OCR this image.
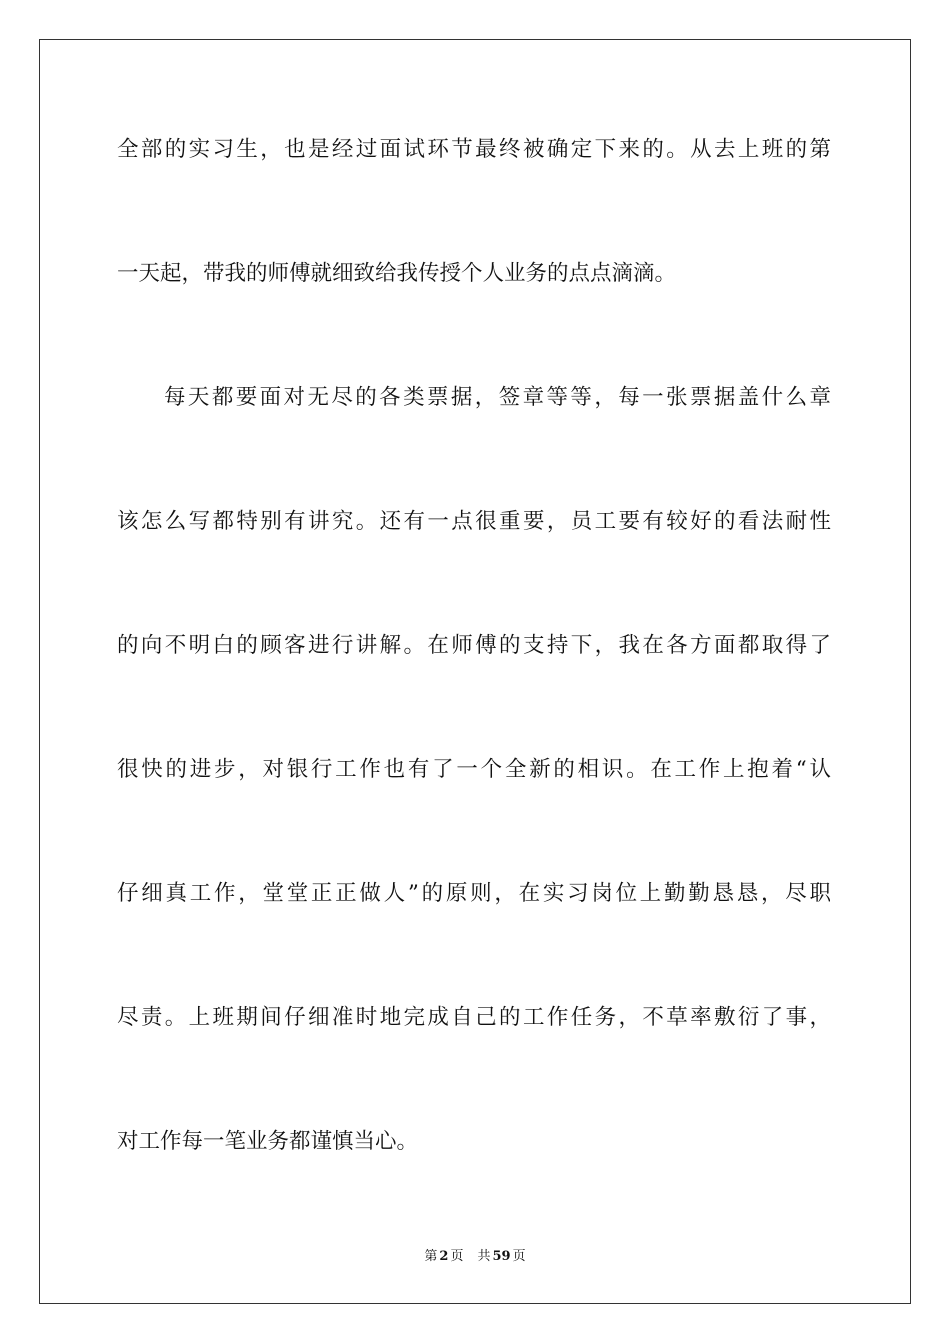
全部的实习生，也是经过面试环节最终被确定下来的。从去上班的第

一天起，带我的师傅就细致给我传授个人业务的点点滴滴。

每天都要面对无尽的各类票据，签章等等，每一张票据盖什么章

该怎么写都特别有讲究。还有一点很重要，员工要有较好的看法耐性

的向不明白的顾客进行讲解。在师傅的支持下，我在各方面都取得了

很快的进步，对银行工作也有了一个全新的相识。在工作上抱着“认

仔细真工作，堂堂正正做人”的原则，在实习岗位上勤勤恳恳，尽职

尽责。上班期间仔细准时地完成自己的工作任务，不草率敷衍了事，

对工作每一笔业务都谨慎当心。

第 2 页 共 59 页
